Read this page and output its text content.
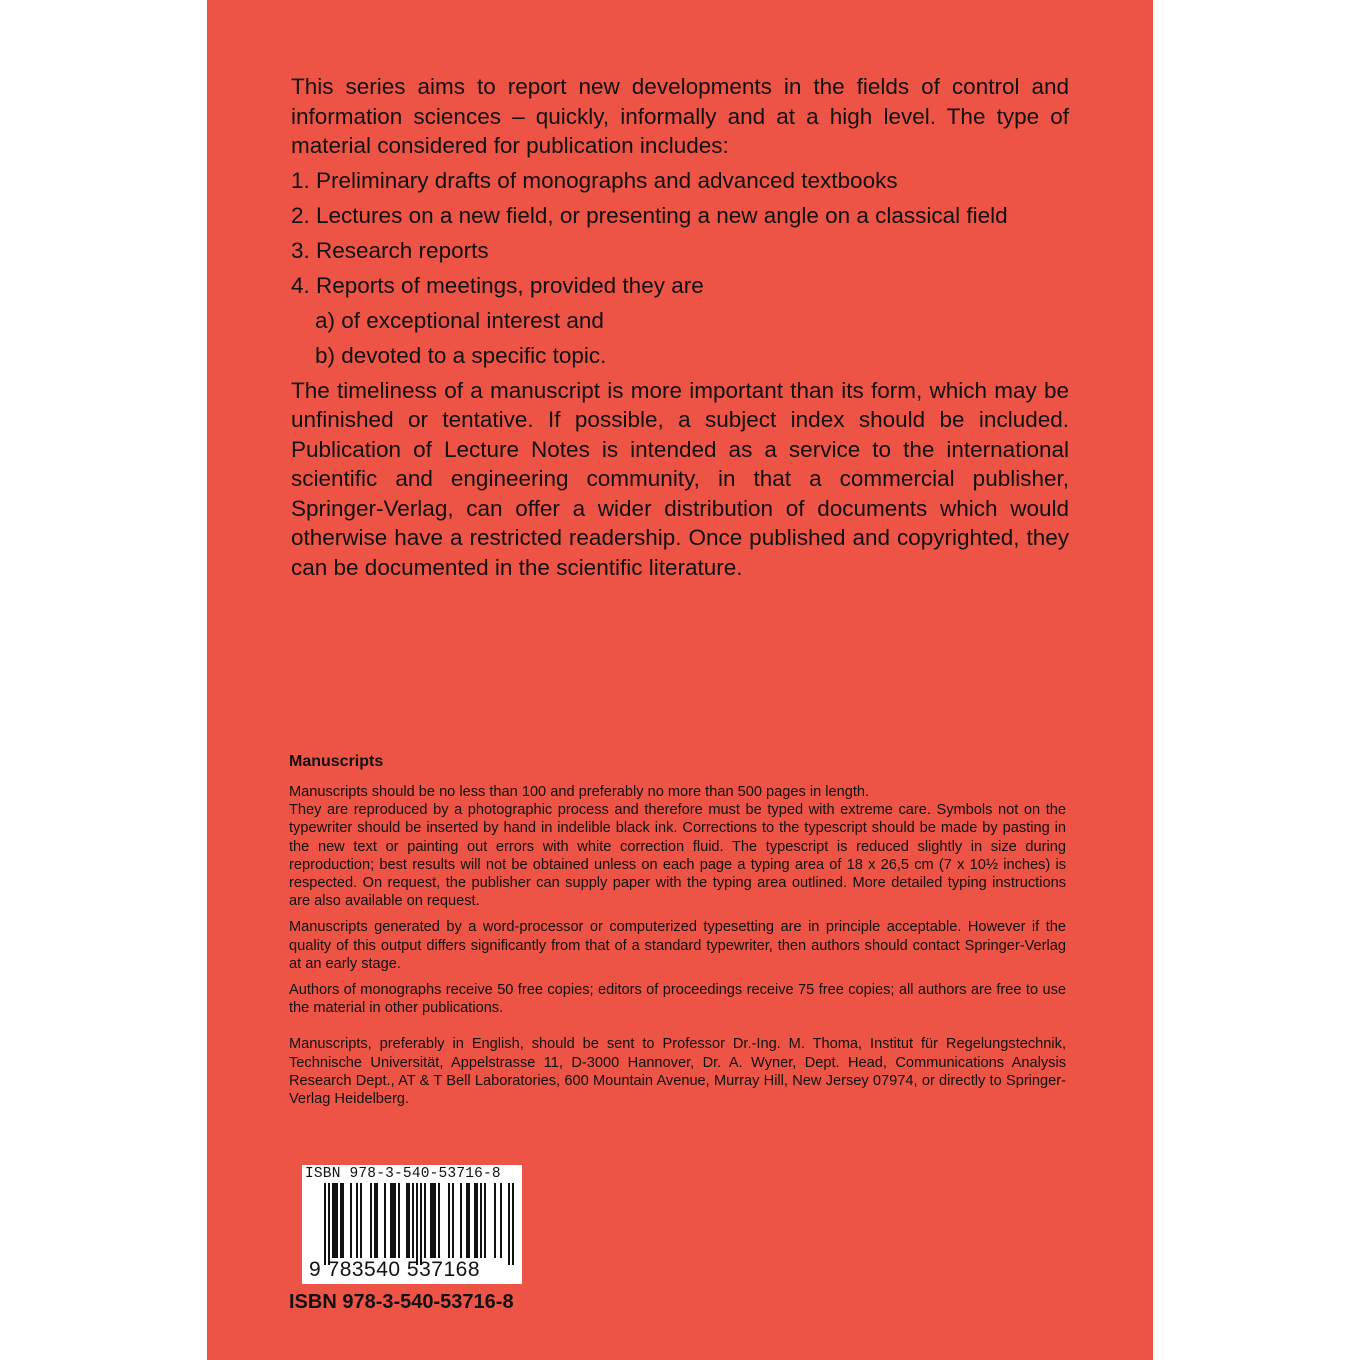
This series aims to report new developments in the fields of control and information sciences – quickly, informally and at a high level. The type of material considered for publication includes:

1. Preliminary drafts of monographs and advanced textbooks
2. Lectures on a new field, or presenting a new angle on a classical field
3. Research reports
4. Reports of meetings, provided they are
a) of exceptional interest and
b) devoted to a specific topic.

The timeliness of a manuscript is more important than its form, which may be unfinished or tentative. If possible, a subject index should be included. Publication of Lecture Notes is intended as a service to the international scientific and engineering community, in that a commercial publisher, Springer-Verlag, can offer a wider distribution of documents which would otherwise have a restricted readership. Once published and copyrighted, they can be documented in the scientific literature.

Manuscripts

Manuscripts should be no less than 100 and preferably no more than 500 pages in length.

They are reproduced by a photographic process and therefore must be typed with extreme care. Symbols not on the typewriter should be inserted by hand in indelible black ink. Corrections to the typescript should be made by pasting in the new text or painting out errors with white correction fluid. The typescript is reduced slightly in size during reproduction; best results will not be obtained unless on each page a typing area of 18 x 26,5 cm (7 x 10½ inches) is respected. On request, the publisher can supply paper with the typing area outlined. More detailed typing instructions are also available on request.

Manuscripts generated by a word-processor or computerized typesetting are in principle acceptable. However if the quality of this output differs significantly from that of a standard typewriter, then authors should contact Springer-Verlag at an early stage.

Authors of monographs receive 50 free copies; editors of proceedings receive 75 free copies; all authors are free to use the material in other publications.

Manuscripts, preferably in English, should be sent to Professor Dr.-Ing. M. Thoma, Institut für Regelungstechnik, Technische Universität, Appelstrasse 11, D-3000 Hannover, Dr. A. Wyner, Dept. Head, Communications Analysis Research Dept., AT & T Bell Laboratories, 600 Mountain Avenue, Murray Hill, New Jersey 07974, or directly to Springer-Verlag Heidelberg.

ISBN 978-3-540-53716-8
9 783540 537168
ISBN 978-3-540-53716-8
